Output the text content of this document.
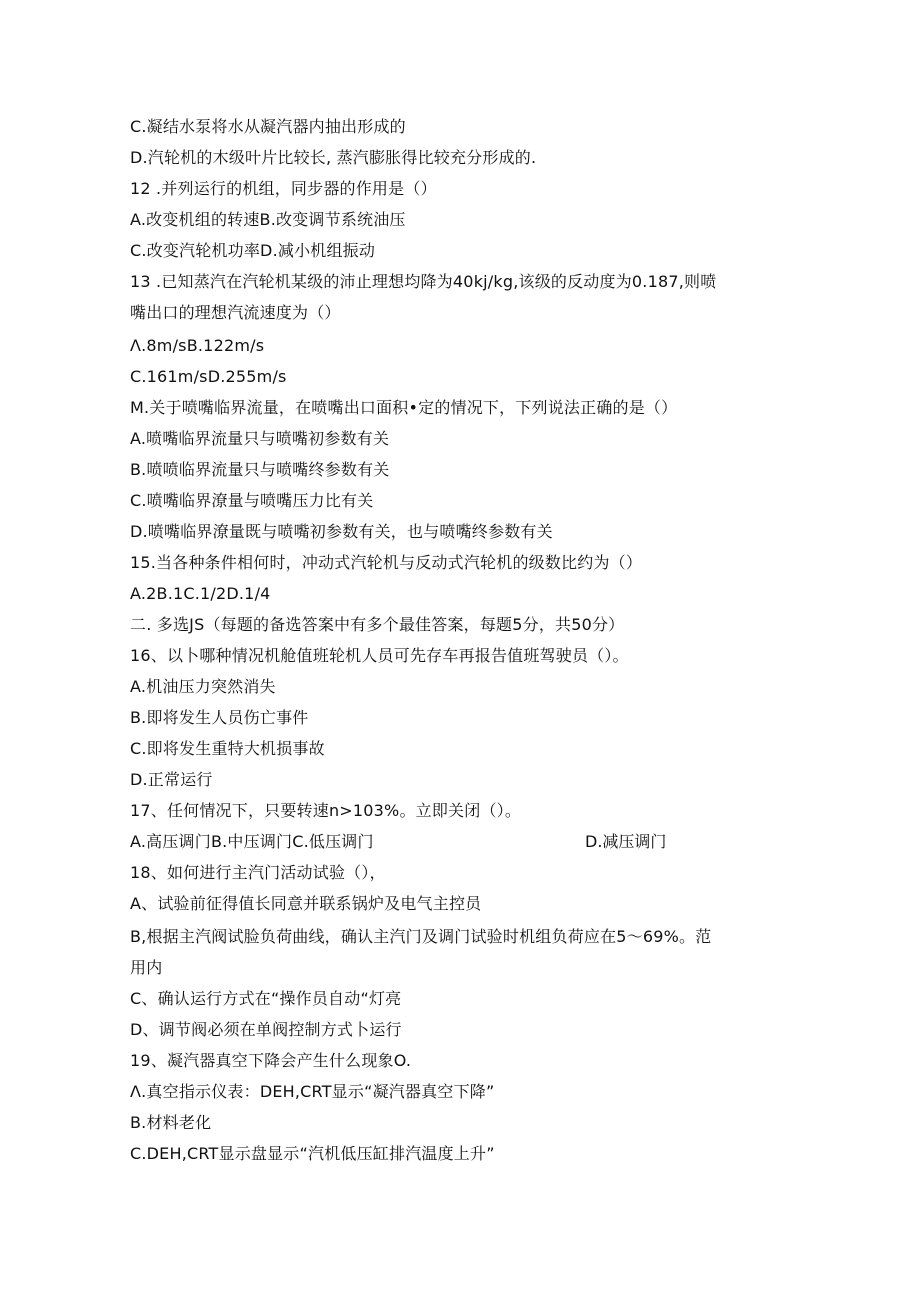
C.凝结水泵将水从凝汽器内抽出形成的
D.汽轮机的木级叶片比较长, 蒸汽膨胀得比较充分形成的.
12 .并列运行的机组，同步器的作用是（）
A.改变机组的转速B.改变调节系统油压
C.改变汽轮机功率D.减小机组振动
13 .已知蒸汽在汽轮机某级的沛止理想均降为40kj/kg,该级的反动度为0.187,则喷
嘴出口的理想汽流速度为（）
Λ.8m/sB.122m/s
C.161m/sD.255m/s
M.关于喷嘴临界流量，在喷嘴出口面积•定的情况下，下列说法正确的是（）
A.喷嘴临界流量只与喷嘴初参数有关
B.喷喷临界流量只与喷嘴终参数有关
C.喷嘴临界潦量与喷嘴压力比有关
D.喷嘴临界潦量既与喷嘴初参数有关，也与喷嘴终参数有关
15.当各种条件相何时，冲动式汽轮机与反动式汽轮机的级数比约为（）
A.2B.1C.1/2D.1/4
二. 多选JS（每题的备选答案中有多个最佳答案，每题5分，共50分）
16、以卜哪种情况机舱值班轮机人员可先存车再报告值班驾驶员（）。
A.机油压力突然消失
B.即将发生人员伤亡事件
C.即将发生重特大机损事故
D.正常运行
17、任何情况下，只要转速n>103%。立即关闭（）。
A.高压调门B.中压调门C.低压调门	D.减压调门
18、如何进行主汽门活动试验（），
A、试验前征得值长同意并联系锅炉及电气主控员
B,根据主汽阀试脸负荷曲线，确认主汽门及调门试验时机组负荷应在5〜69%。范
用内
C、确认运行方式在“操作员自动“灯亮
D、调节阀必须在单阀控制方式卜运行
19、凝汽器真空下降会产生什么现象O.
Λ.真空指示仪表：DEH,CRT显示“凝汽器真空下降”
B.材料老化
C.DEH,CRT显示盘显示“汽机低压缸排汽温度上升”
